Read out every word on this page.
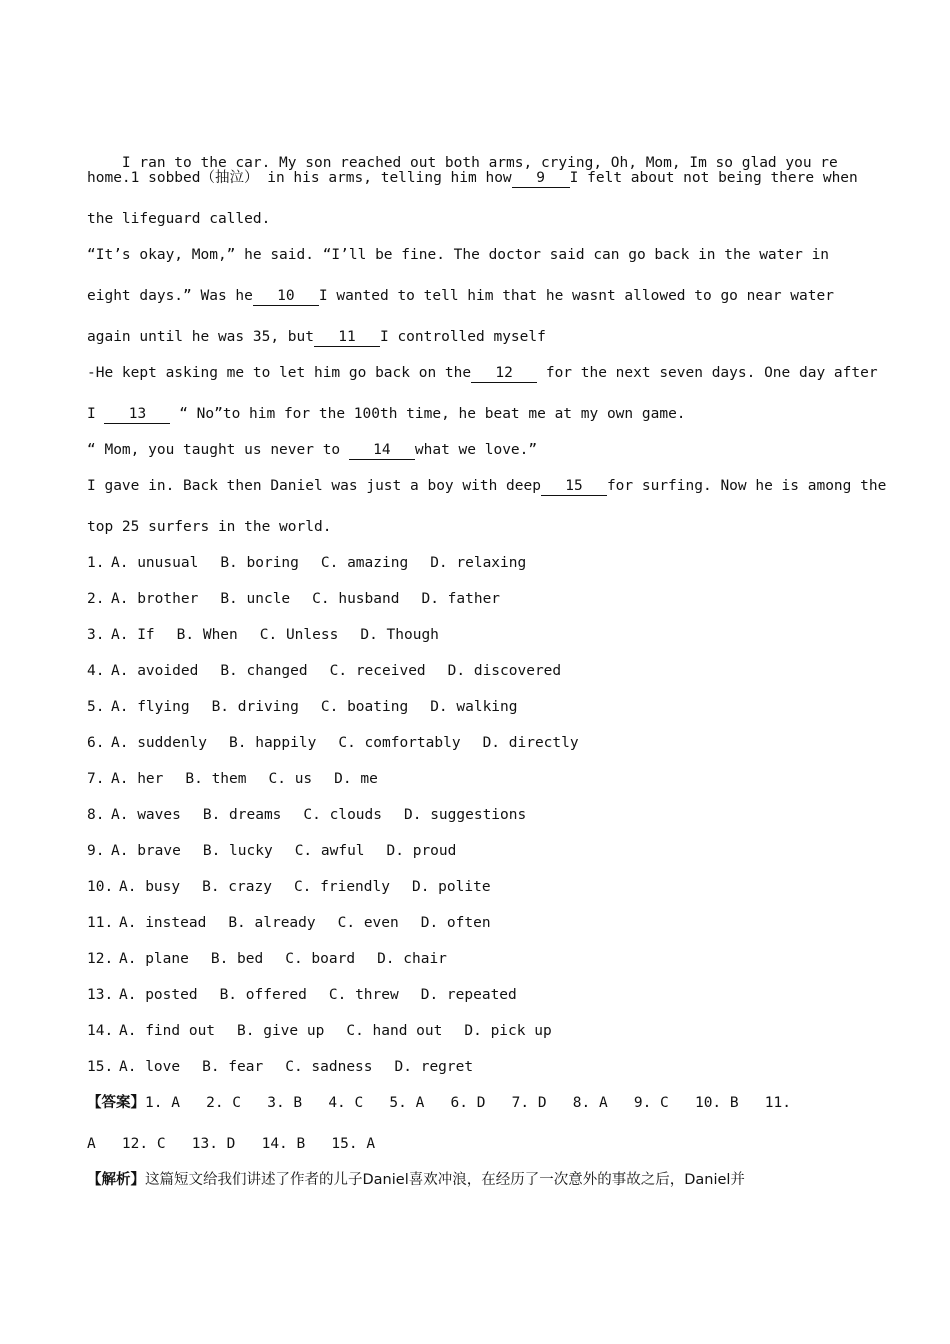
I ran to the car. My son reached out both arms, crying, Oh, Mom, Im so glad you re

home.1 sobbed（抽泣） in his arms, telling him how 9 I felt about not being there when
the lifeguard called.
“It’s okay, Mom,” he said. “I’ll be fine. The doctor said can go back in the water in
eight days.” Was he 10 I wanted to tell him that he wasnt allowed to go near water
again until he was 35, but 11 I controlled myself
-He kept asking me to let him go back on the 12 for the next seven days. One day after
I 13 “ No”to him for the 100th time, he beat me at my own game.
“ Mom, you taught us never to 14 what we love.”
I gave in. Back then Daniel was just a boy with deep 15 for surfing. Now he is among the
top 25 surfers in the world.
1. A. unusual B. boring C. amazing D. relaxing
2. A. brother B. uncle C. husband D. father
3. A. If B. When C. Unless D. Though
4. A. avoided B. changed C. received D. discovered
5. A. flying B. driving C. boating D. walking
6. A. suddenly B. happily C. comfortably D. directly
7. A. her B. them C. us D. me
8. A. waves B. dreams C. clouds D. suggestions
9. A. brave B. lucky C. awful D. proud
10. A. busy B. crazy C. friendly D. polite
11. A. instead B. already C. even D. often
12. A. plane B. bed C. board D. chair
13. A. posted B. offered C. threw D. repeated
14. A. find out B. give up C. hand out D. pick up
15. A. love B. fear C. sadness D. regret
【答案】1. A   2. C   3. B   4. C   5. A   6. D   7. D   8. A   9. C   10. B   11.
A   12. C   13. D   14. B   15. A
【解析】这篇短文给我们讲述了作者的儿子Daniel喜欢冲浪，在经历了一次意外的事故之后，Daniel并
